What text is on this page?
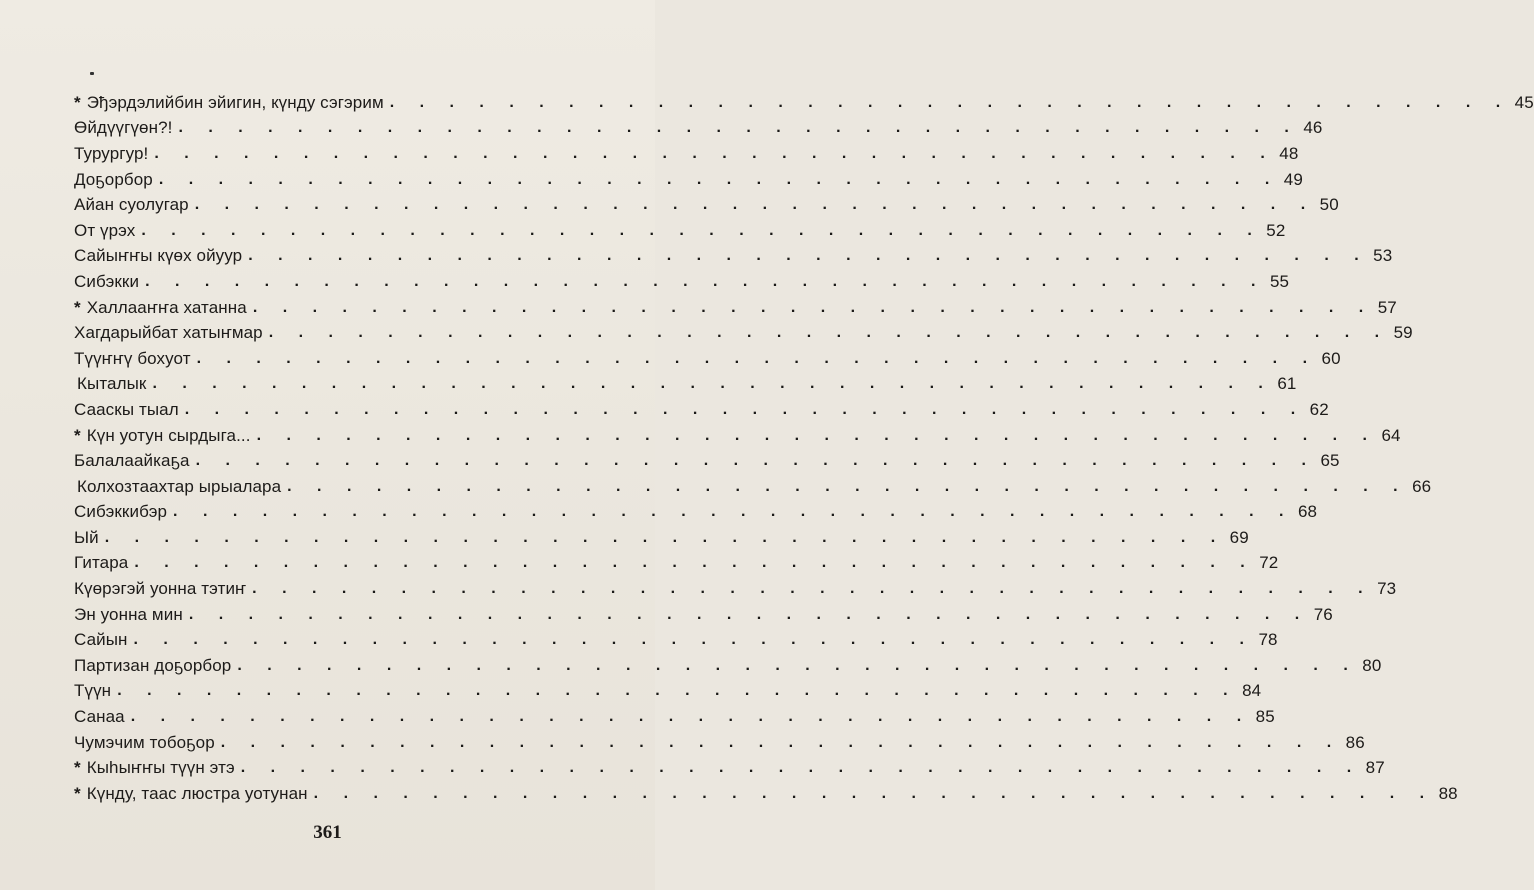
* Эђэрдэлийбин эйигин, күнду сэгэрим . . . . . . . . . . . . . . . . . . . . . . . . . . . . . . . . . . . . . . 45
Өйдүүгүөн?! . . . . . . . . . . . . . . . . . . . . . . . . . . . . . . . . . . . . . . 46
Турургур! . . . . . . . . . . . . . . . . . . . . . . . . . . . . . . . . . . . . . . 48
Доҕорбор . . . . . . . . . . . . . . . . . . . . . . . . . . . . . . . . . . . . . . 49
Айан суолугар . . . . . . . . . . . . . . . . . . . . . . . . . . . . . . . . . . . . . . 50
От үрэх . . . . . . . . . . . . . . . . . . . . . . . . . . . . . . . . . . . . . . 52
Сайыҥҥы күөх ойуур . . . . . . . . . . . . . . . . . . . . . . . . . . . . . . . . . . . . . . 53
Сибэкки . . . . . . . . . . . . . . . . . . . . . . . . . . . . . . . . . . . . . . 55
* Халлааҥҥа хатанна . . . . . . . . . . . . . . . . . . . . . . . . . . . . . . . . . . . . . . 57
Хагдарыйбат хатыҥмар . . . . . . . . . . . . . . . . . . . . . . . . . . . . . . . . . . . . . . 59
Түүҥҥү бохуот . . . . . . . . . . . . . . . . . . . . . . . . . . . . . . . . . . . . . . 60
Кыталык . . . . . . . . . . . . . . . . . . . . . . . . . . . . . . . . . . . . . . 61
Сааскы тыал . . . . . . . . . . . . . . . . . . . . . . . . . . . . . . . . . . . . . . 62
* Күн уотун сырдыга... . . . . . . . . . . . . . . . . . . . . . . . . . . . . . . . . . . . . . . 64
Балалаайкаҕа . . . . . . . . . . . . . . . . . . . . . . . . . . . . . . . . . . . . . . 65
Колхозтаахтар ырыалара . . . . . . . . . . . . . . . . . . . . . . . . . . . . . . . . . . . . . . 66
Сибэккибэр . . . . . . . . . . . . . . . . . . . . . . . . . . . . . . . . . . . . . . 68
Ый . . . . . . . . . . . . . . . . . . . . . . . . . . . . . . . . . . . . . . 69
Гитара . . . . . . . . . . . . . . . . . . . . . . . . . . . . . . . . . . . . . . 72
Күөрэгэй уонна тэтиҥ . . . . . . . . . . . . . . . . . . . . . . . . . . . . . . . . . . . . . . 73
Эн уонна мин . . . . . . . . . . . . . . . . . . . . . . . . . . . . . . . . . . . . . . 76
Сайын . . . . . . . . . . . . . . . . . . . . . . . . . . . . . . . . . . . . . . 78
Партизан доҕорбор . . . . . . . . . . . . . . . . . . . . . . . . . . . . . . . . . . . . . . 80
Түүн . . . . . . . . . . . . . . . . . . . . . . . . . . . . . . . . . . . . . . 84
Санаа . . . . . . . . . . . . . . . . . . . . . . . . . . . . . . . . . . . . . . 85
Чумэчим тобоҕор . . . . . . . . . . . . . . . . . . . . . . . . . . . . . . . . . . . . . . 86
* Кыһыҥҥы түүн этэ . . . . . . . . . . . . . . . . . . . . . . . . . . . . . . . . . . . . . . 87
* Күнду, таас люстра уотунан . . . . . . . . . . . . . . . . . . . . . . . . . . . . . . . . . . . . . . 88
361
